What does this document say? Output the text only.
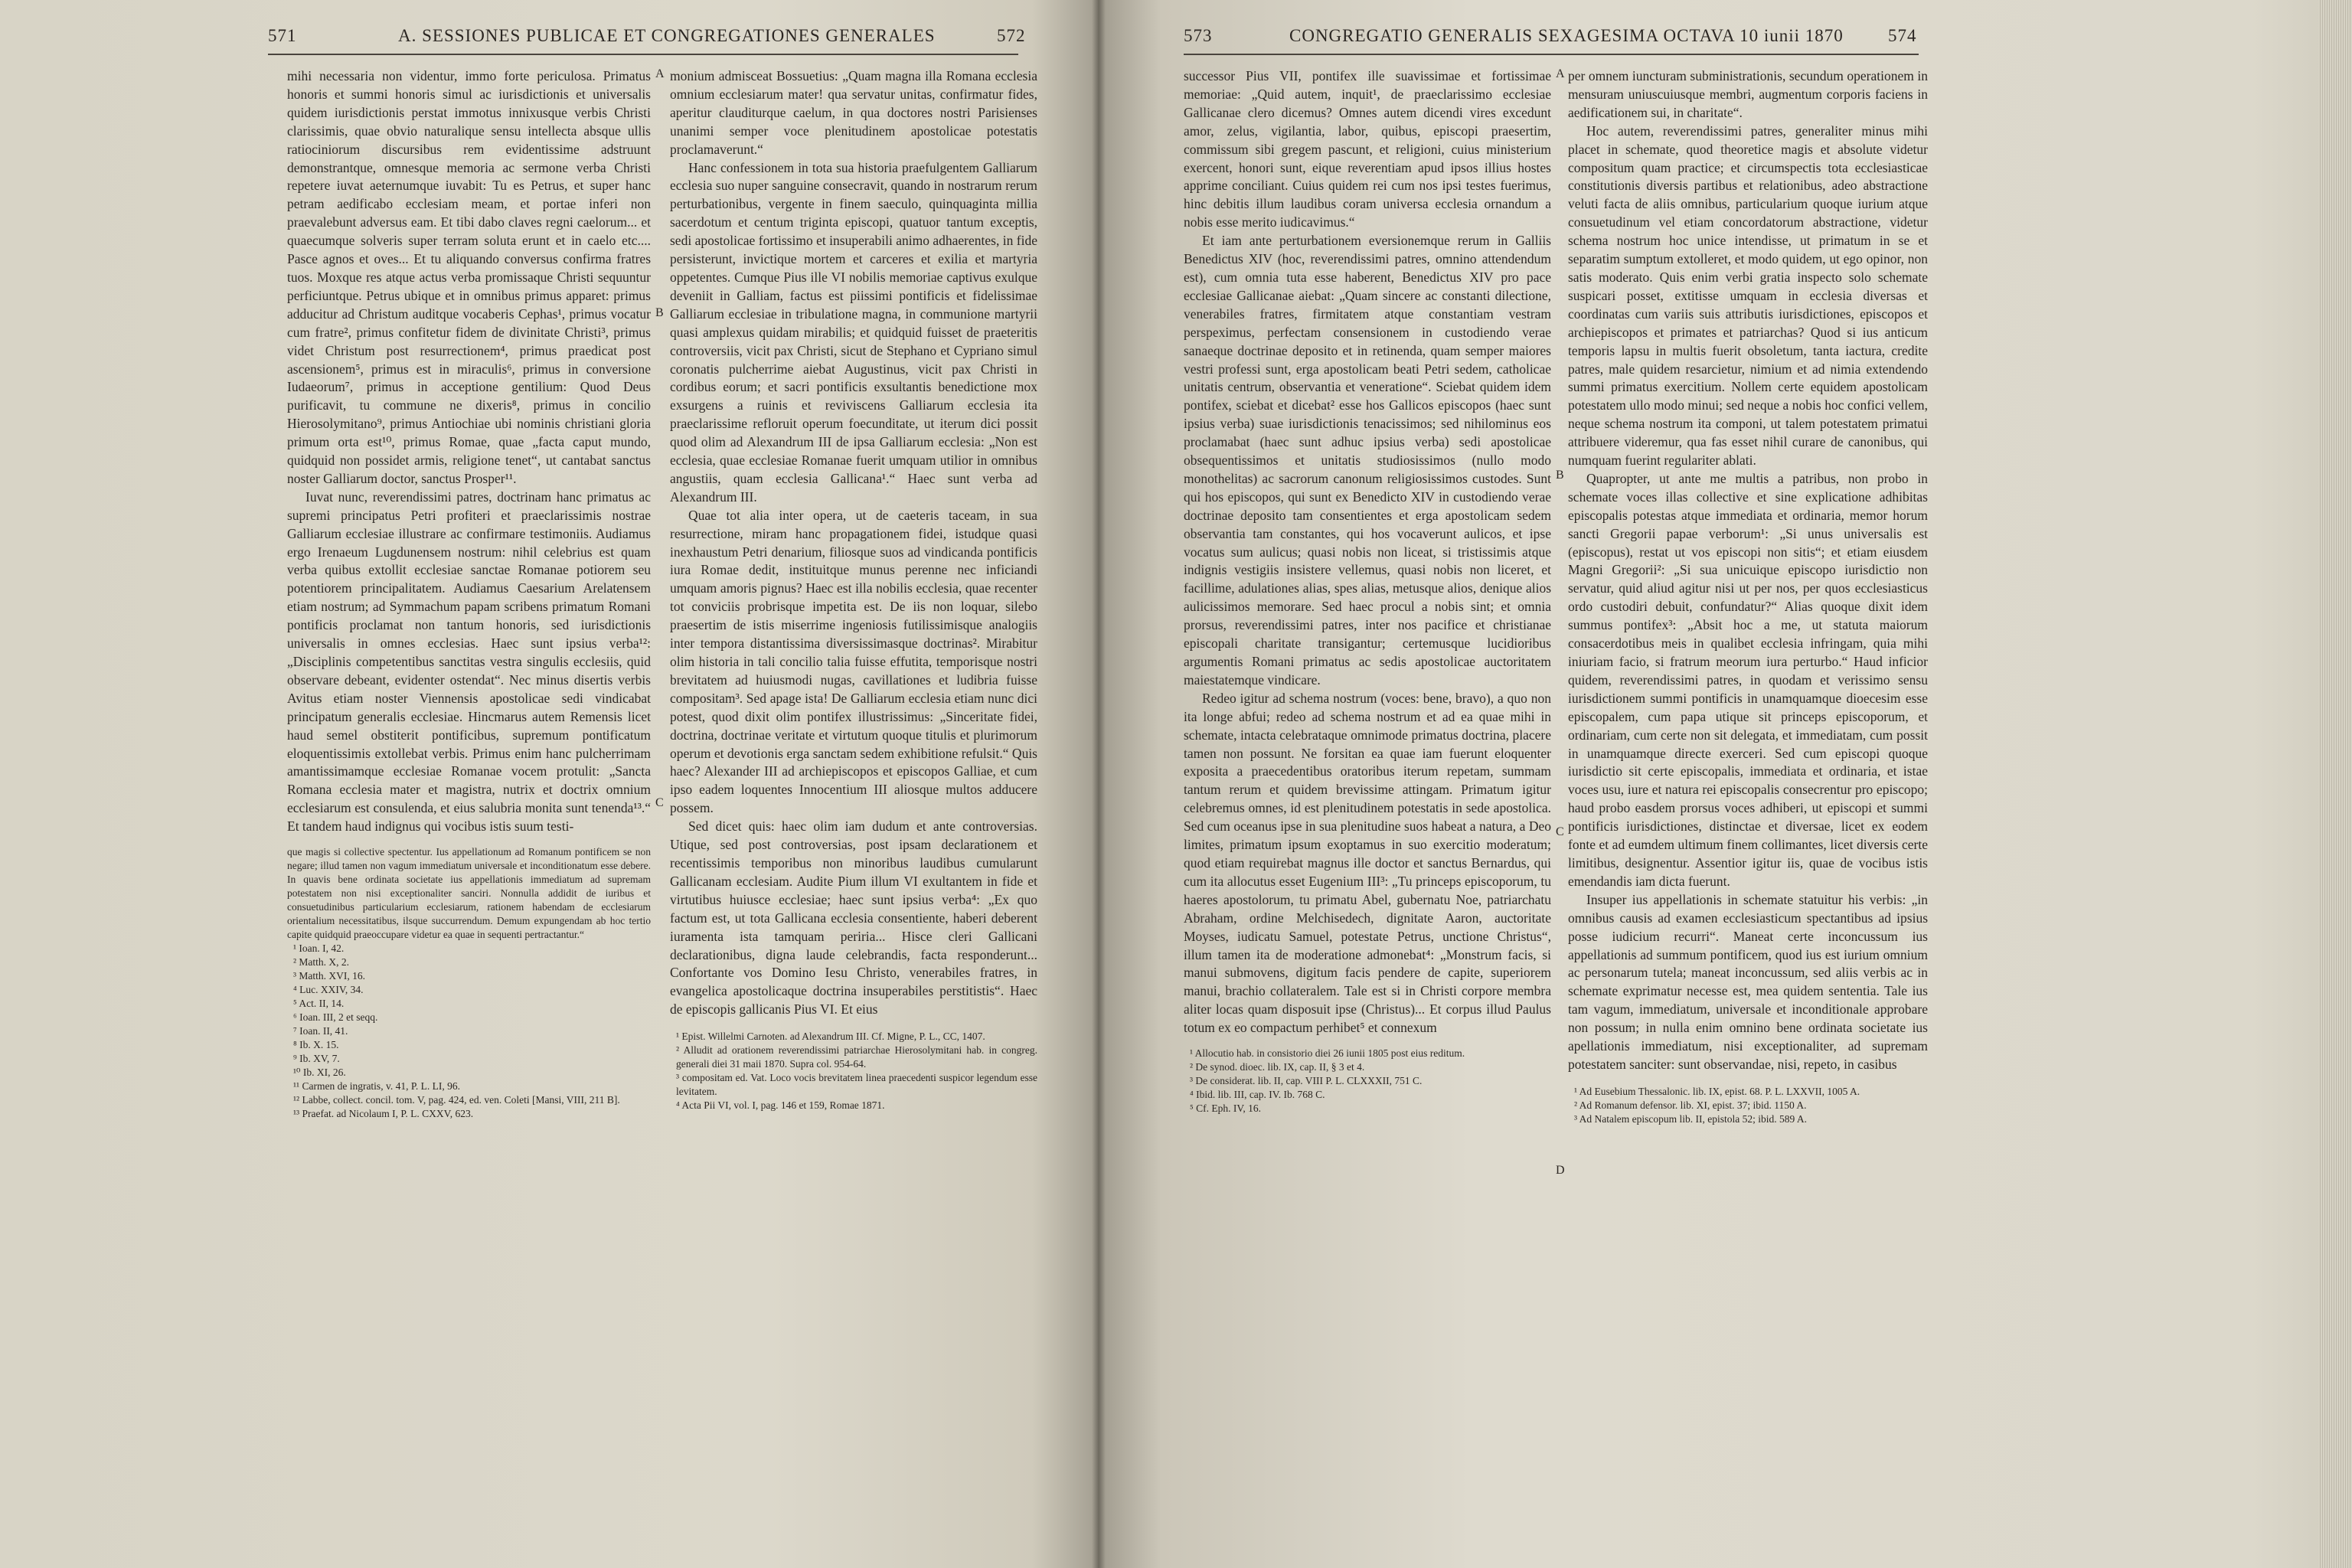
571	A. SESSIONES PUBLICAE ET CONGREGATIONES GENERALES	572

mihi necessaria non videntur, immo forte periculosa. Primatus honoris et summi honoris simul ac iurisdictionis et universalis quidem iurisdictionis perstat immotus innixusque verbis Christi clarissimis, quae obvio naturalique sensu intellecta absque ullis ratiociniorum discursibus rem evidentissime adstruunt demonstrantque, omnesque memoria ac sermone verba Christi repetere iuvat aeternumque iuvabit: Tu es Petrus, et super hanc petram aedificabo ecclesiam meam, et portae inferi non praevalebunt adversus eam. Et tibi dabo claves regni caelorum... et quaecumque solveris super terram soluta erunt et in caelo etc.... Pasce agnos et oves... Et tu aliquando conversus confirma fratres tuos. Moxque res atque actus verba promissaque Christi sequuntur perficiuntque. Petrus ubique et in omnibus primus apparet: primus adducitur ad Christum auditque vocaberis Cephas¹, primus vocatur cum fratre², primus confitetur fidem de divinitate Christi³, primus videt Christum post resurrectionem⁴, primus praedicat post ascensionem⁵, primus est in miraculis⁶, primus in conversione Iudaeorum⁷, primus in acceptione gentilium: Quod Deus purificavit, tu commune ne dixeris⁸, primus in concilio Hierosolymitano⁹, primus Antiochiae ubi nominis christiani gloria primum orta est¹⁰, primus Romae, quae „facta caput mundo, quidquid non possidet armis, religione tenet“, ut cantabat sanctus noster Galliarum doctor, sanctus Prosper¹¹.

Iuvat nunc, reverendissimi patres, doctrinam hanc primatus ac supremi principatus Petri profiteri et praeclarissimis nostrae Galliarum ecclesiae illustrare ac confirmare testimoniis. Audiamus ergo Irenaeum Lugdunensem nostrum: nihil celebrius est quam verba quibus extollit ecclesiae sanctae Romanae potiorem seu potentiorem principalitatem. Audiamus Caesarium Arelatensem etiam nostrum; ad Symmachum papam scribens primatum Romani pontificis proclamat non tantum honoris, sed iurisdictionis universalis in omnes ecclesias. Haec sunt ipsius verba¹²: „Disciplinis competentibus sanctitas vestra singulis ecclesiis, quid observare debeant, evidenter ostendat“. Nec minus disertis verbis Avitus etiam noster Viennensis apostolicae sedi vindicabat principatum generalis ecclesiae. Hincmarus autem Remensis licet haud semel obstiterit pontificibus, supremum pontificatum eloquentissimis extollebat verbis. Primus enim hanc pulcherrimam amantissimamque ecclesiae Romanae vocem protulit: „Sancta Romana ecclesia mater et magistra, nutrix et doctrix omnium ecclesiarum est consulenda, et eius salubria monita sunt tenenda¹³.“ Et tandem haud indignus qui vocibus istis suum testi-

que magis si collective spectentur. Ius appellationum ad Romanum pontificem se non negare; illud tamen non vagum immediatum universale et inconditionatum esse debere. In quavis bene ordinata societate ius appellationis immediatum ad supremam potestatem non nisi exceptionaliter sanciri. Nonnulla addidit de iuribus et consuetudinibus particularium ecclesiarum, rationem habendam de ecclesiarum orientalium necessitatibus, ilsque succurrendum. Demum expungendam ab hoc tertio capite quidquid praeoccupare videtur ea quae in sequenti pertractantur.“

¹ Ioan. I, 42.

² Matth. X, 2.

³ Matth. XVI, 16.

⁴ Luc. XXIV, 34.

⁵ Act. II, 14.

⁶ Ioan. III, 2 et seqq.

⁷ Ioan. II, 41.

⁸ Ib. X. 15.

⁹ Ib. XV, 7.

¹⁰ Ib. XI, 26.

¹¹ Carmen de ingratis, v. 41, P. L. LI, 96.

¹² Labbe, collect. concil. tom. V, pag. 424, ed. ven. Coleti [Mansi, VIII, 211 B].

¹³ Praefat. ad Nicolaum I, P. L. CXXV, 623.

A
B
C

monium admisceat Bossuetius: „Quam magna illa Romana ecclesia omnium ecclesiarum mater! qua servatur unitas, confirmatur fides, aperitur clauditurque caelum, in qua doctores nostri Parisienses unanimi semper voce plenitudinem apostolicae potestatis proclamaverunt.“

Hanc confessionem in tota sua historia praefulgentem Galliarum ecclesia suo nuper sanguine consecravit, quando in nostrarum rerum perturbationibus, vergente in finem saeculo, quinquaginta millia sacerdotum et centum triginta episcopi, quatuor tantum exceptis, sedi apostolicae fortissimo et insuperabili animo adhaerentes, in fide persisterunt, invictique mortem et carceres et exilia et martyria oppetentes. Cumque Pius ille VI nobilis memoriae captivus exulque deveniit in Galliam, factus est piissimi pontificis et fidelissimae Galliarum ecclesiae in tribulatione magna, in communione martyrii quasi amplexus quidam mirabilis; et quidquid fuisset de praeteritis controversiis, vicit pax Christi, sicut de Stephano et Cypriano simul coronatis pulcherrime aiebat Augustinus, vicit pax Christi in cordibus eorum; et sacri pontificis exsultantis benedictione mox exsurgens a ruinis et reviviscens Galliarum ecclesia ita praeclarissime refloruit operum foecunditate, ut iterum dici possit quod olim ad Alexandrum III de ipsa Galliarum ecclesia: „Non est ecclesia, quae ecclesiae Romanae fuerit umquam utilior in omnibus angustiis, quam ecclesia Gallicana¹.“ Haec sunt verba ad Alexandrum III.

Quae tot alia inter opera, ut de caeteris taceam, in sua resurrectione, miram hanc propagationem fidei, istudque quasi inexhaustum Petri denarium, filiosque suos ad vindicanda pontificis iura Romae dedit, instituitque munus perenne nec inficiandi umquam amoris pignus? Haec est illa nobilis ecclesia, quae recenter tot conviciis probrisque impetita est. De iis non loquar, silebo praesertim de istis miserrime ingeniosis futilissimisque analogiis inter tempora distantissima diversissimasque doctrinas². Mirabitur olim historia in tali concilio talia fuisse effutita, temporisque nostri brevitatem ad huiusmodi nugas, cavillationes et ludibria fuisse compositam³. Sed apage ista! De Galliarum ecclesia etiam nunc dici potest, quod dixit olim pontifex illustrissimus: „Sinceritate fidei, doctrina, doctrinae veritate et virtutum quoque titulis et plurimorum operum et devotionis erga sanctam sedem exhibitione refulsit.“ Quis haec? Alexander III ad archiepiscopos et episcopos Galliae, et cum ipso eadem loquentes Innocentium III aliosque multos adducere possem.

Sed dicet quis: haec olim iam dudum et ante controversias. Utique, sed post controversias, post ipsam declarationem et recentissimis temporibus non minoribus laudibus cumularunt Gallicanam ecclesiam. Audite Pium illum VI exultantem in fide et virtutibus huiusce ecclesiae; haec sunt ipsius verba⁴: „Ex quo factum est, ut tota Gallicana ecclesia consentiente, haberi deberent iuramenta ista tamquam periria... Hisce cleri Gallicani declarationibus, digna laude celebrandis, facta responderunt... Confortante vos Domino Iesu Christo, venerabiles fratres, in evangelica apostolicaque doctrina insuperabiles perstitistis“. Haec de episcopis gallicanis Pius VI. Et eius

¹ Epist. Willelmi Carnoten. ad Alexandrum III. Cf. Migne, P. L., CC, 1407.

² Alludit ad orationem reverendissimi patriarchae Hierosolymitani hab. in congreg. generali diei 31 maii 1870. Supra col. 954-64.

³ compositam ed. Vat. Loco vocis brevitatem linea praecedenti suspicor legendum esse levitatem.

⁴ Acta Pii VI, vol. I, pag. 146 et 159, Romae 1871.

573	CONGREGATIO GENERALIS SEXAGESIMA OCTAVA 10 iunii 1870	574

successor Pius VII, pontifex ille suavissimae et fortissimae memoriae: „Quid autem, inquit¹, de praeclarissimo ecclesiae Gallicanae clero dicemus? Omnes autem dicendi vires excedunt amor, zelus, vigilantia, labor, quibus, episcopi praesertim, commissum sibi gregem pascunt, et religioni, cuius ministerium exercent, honori sunt, eique reverentiam apud ipsos illius hostes apprime conciliant. Cuius quidem rei cum nos ipsi testes fuerimus, hinc debitis illum laudibus coram universa ecclesia ornandum a nobis esse merito iudicavimus.“

Et iam ante perturbationem eversionemque rerum in Galliis Benedictus XIV (hoc, reverendissimi patres, omnino attendendum est), cum omnia tuta esse haberent, Benedictus XIV pro pace ecclesiae Gallicanae aiebat: „Quam sincere ac constanti dilectione, venerabiles fratres, firmitatem atque constantiam vestram perspeximus, perfectam consensionem in custodiendo verae sanaeque doctrinae deposito et in retinenda, quam semper maiores vestri professi sunt, erga apostolicam beati Petri sedem, catholicae unitatis centrum, observantia et veneratione“. Sciebat quidem idem pontifex, sciebat et dicebat² esse hos Gallicos episcopos (haec sunt ipsius verba) suae iurisdictionis tenacissimos; sed nihilominus eos proclamabat (haec sunt adhuc ipsius verba) sedi apostolicae obsequentissimos et unitatis studiosissimos (nullo modo monothelitas) ac sacrorum canonum religiosissimos custodes. Sunt qui hos episcopos, qui sunt ex Benedicto XIV in custodiendo verae doctrinae deposito tam consentientes et erga apostolicam sedem observantia tam constantes, qui hos vocaverunt aulicos, et ipse vocatus sum aulicus; quasi nobis non liceat, si tristissimis atque indignis vestigiis insistere vellemus, quasi nobis non liceret, et facillime, adulationes alias, spes alias, metusque alios, denique alios aulicissimos memorare. Sed haec procul a nobis sint; et omnia prorsus, reverendissimi patres, inter nos pacifice et christianae episcopali charitate transigantur; certemusque lucidioribus argumentis Romani primatus ac sedis apostolicae auctoritatem maiestatemque vindicare.

Redeo igitur ad schema nostrum (voces: bene, bravo), a quo non ita longe abfui; redeo ad schema nostrum et ad ea quae mihi in schemate, intacta celebrataque omnimode primatus doctrina, placere tamen non possunt. Ne forsitan ea quae iam fuerunt eloquenter exposita a praecedentibus oratoribus iterum repetam, summam tantum rerum et quidem brevissime attingam. Primatum igitur celebremus omnes, id est plenitudinem potestatis in sede apostolica. Sed cum oceanus ipse in sua plenitudine suos habeat a natura, a Deo limites, primatum ipsum exoptamus in suo exercitio moderatum; quod etiam requirebat magnus ille doctor et sanctus Bernardus, qui cum ita allocutus esset Eugenium III³: „Tu princeps episcoporum, tu haeres apostolorum, tu primatu Abel, gubernatu Noe, patriarchatu Abraham, ordine Melchisedech, dignitate Aaron, auctoritate Moyses, iudicatu Samuel, potestate Petrus, unctione Christus“, illum tamen ita de moderatione admonebat⁴: „Monstrum facis, si manui submovens, digitum facis pendere de capite, superiorem manui, brachio collateralem. Tale est si in Christi corpore membra aliter locas quam disposuit ipse (Christus)... Et corpus illud Paulus totum ex eo compactum perhibet⁵ et connexum

¹ Allocutio hab. in consistorio diei 26 iunii 1805 post eius reditum.

² De synod. dioec. lib. IX, cap. II, § 3 et 4.

³ De considerat. lib. II, cap. VIII P. L. CLXXXII, 751 C.

⁴ Ibid. lib. III, cap. IV. Ib. 768 C.

⁵ Cf. Eph. IV, 16.

A
B
C
D

per omnem iuncturam subministrationis, secundum operationem in mensuram uniuscuiusque membri, augmentum corporis faciens in aedificationem sui, in charitate“.

Hoc autem, reverendissimi patres, generaliter minus mihi placet in schemate, quod theoretice magis et absolute videtur compositum quam practice; et circumspectis tota ecclesiasticae constitutionis diversis partibus et relationibus, adeo abstractione veluti facta de aliis omnibus, particularium quoque iurium atque consuetudinum vel etiam concordatorum abstractione, videtur schema nostrum hoc unice intendisse, ut primatum in se et separatim sumptum extolleret, et modo quidem, ut ego opinor, non satis moderato. Quis enim verbi gratia inspecto solo schemate suspicari posset, extitisse umquam in ecclesia diversas et coordinatas cum variis suis attributis iurisdictiones, episcopos et archiepiscopos et primates et patriarchas? Quod si ius anticum temporis lapsu in multis fuerit obsoletum, tanta iactura, credite patres, male quidem resarcietur, nimium et ad nimia extendendo summi primatus exercitium. Nollem certe equidem apostolicam potestatem ullo modo minui; sed neque a nobis hoc confici vellem, neque schema nostrum ita componi, ut talem potestatem primatui attribuere videremur, qua fas esset nihil curare de canonibus, qui numquam fuerint regulariter ablati.

Quapropter, ut ante me multis a patribus, non probo in schemate voces illas collective et sine explicatione adhibitas episcopalis potestas atque immediata et ordinaria, memor horum sancti Gregorii papae verborum¹: „Si unus universalis est (episcopus), restat ut vos episcopi non sitis“; et etiam eiusdem Magni Gregorii²: „Si sua unicuique episcopo iurisdictio non servatur, quid aliud agitur nisi ut per nos, per quos ecclesiasticus ordo custodiri debuit, confundatur?“ Alias quoque dixit idem summus pontifex³: „Absit hoc a me, ut statuta maiorum consacerdotibus meis in qualibet ecclesia infringam, quia mihi iniuriam facio, si fratrum meorum iura perturbo.“ Haud inficior quidem, reverendissimi patres, in quodam et verissimo sensu iurisdictionem summi pontificis in unamquamque dioecesim esse episcopalem, cum papa utique sit princeps episcoporum, et ordinariam, cum certe non sit delegata, et immediatam, cum possit in unamquamque directe exerceri. Sed cum episcopi quoque iurisdictio sit certe episcopalis, immediata et ordinaria, et istae voces usu, iure et natura rei episcopalis consecrentur pro episcopo; haud probo easdem prorsus voces adhiberi, ut episcopi et summi pontificis iurisdictiones, distinctae et diversae, licet ex eodem fonte et ad eumdem ultimum finem collimantes, licet diversis certe limitibus, designentur. Assentior igitur iis, quae de vocibus istis emendandis iam dicta fuerunt.

Insuper ius appellationis in schemate statuitur his verbis: „in omnibus causis ad examen ecclesiasticum spectantibus ad ipsius posse iudicium recurri“. Maneat certe inconcussum ius appellationis ad summum pontificem, quod ius est iurium omnium ac personarum tutela; maneat inconcussum, sed aliis verbis ac in schemate exprimatur necesse est, mea quidem sententia. Tale ius tam vagum, immediatum, universale et inconditionale approbare non possum; in nulla enim omnino bene ordinata societate ius apellationis immediatum, nisi exceptionaliter, ad supremam potestatem sanciter: sunt observandae, nisi, repeto, in casibus

¹ Ad Eusebium Thessalonic. lib. IX, epist. 68. P. L. LXXVII, 1005 A.

² Ad Romanum defensor. lib. XI, epist. 37; ibid. 1150 A.

³ Ad Natalem episcopum lib. II, epistola 52; ibid. 589 A.
